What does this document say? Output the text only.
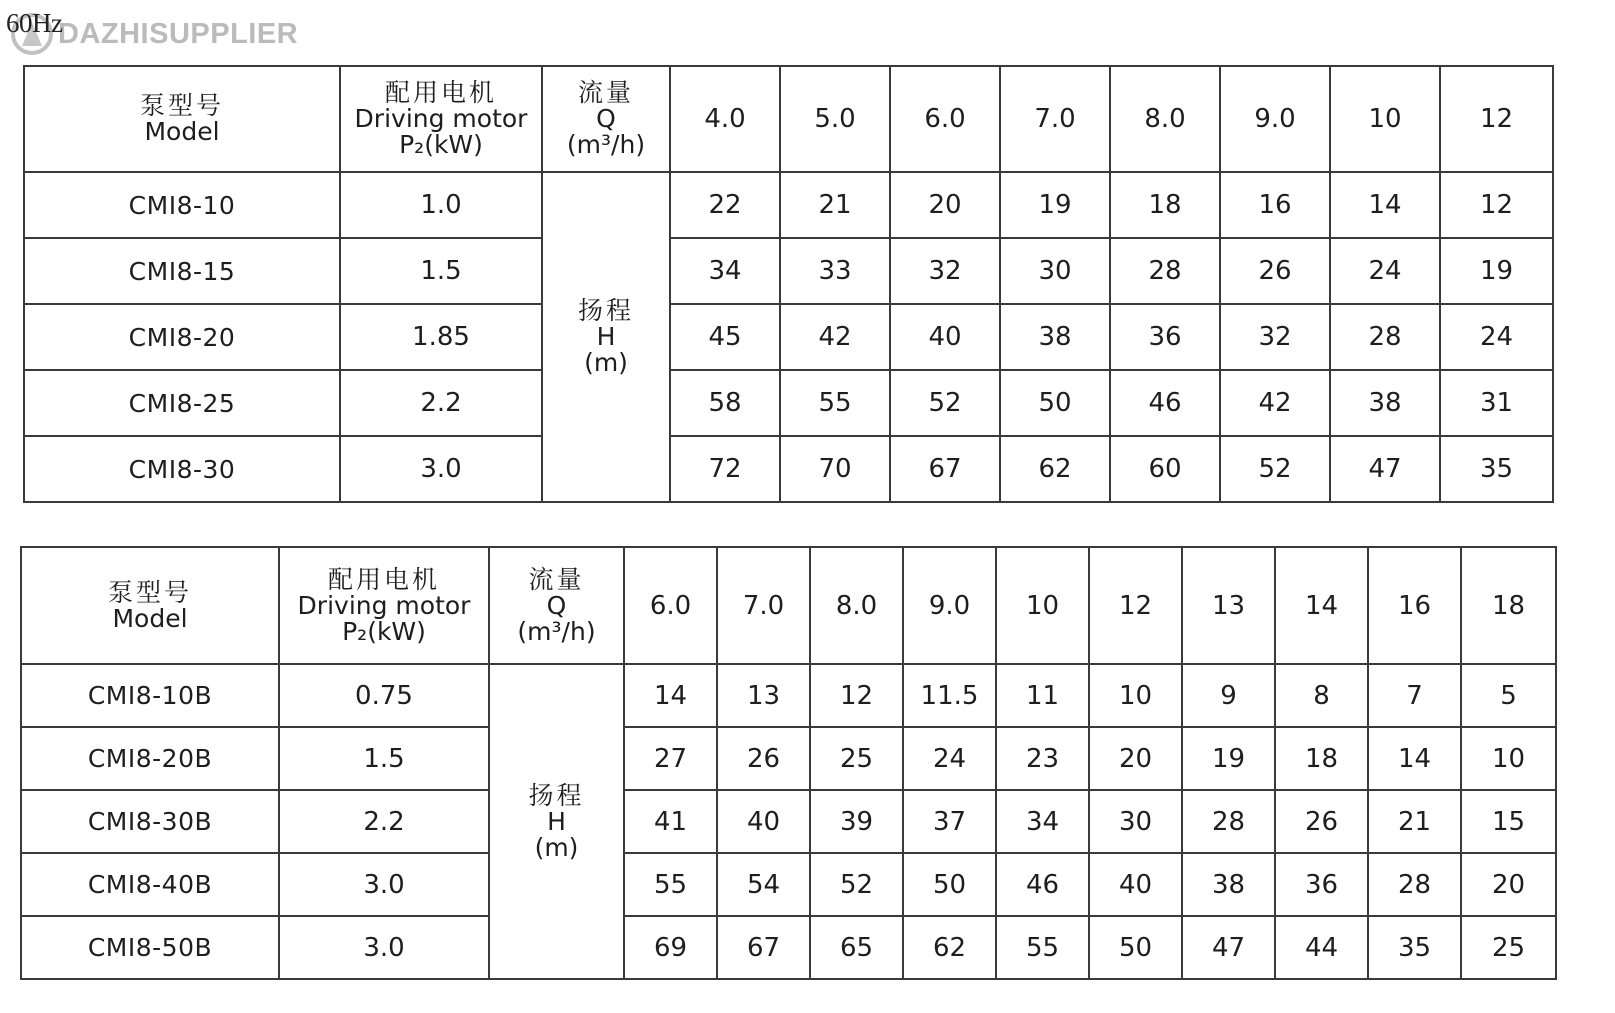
DAZHISUPPLIER
60Hz
泵型号
Model	配用电机
Driving motor
P₂(kW)	流量
Q
(m³/h)	4.0	5.0	6.0	7.0	8.0	9.0	10	12
CMI8-10	1.0	扬程
H
(m)	22	21	20	19	18	16	14	12
CMI8-15	1.5		34	33	32	30	28	26	24	19
CMI8-20	1.85		45	42	40	38	36	32	28	24
CMI8-25	2.2		58	55	52	50	46	42	38	31
CMI8-30	3.0		72	70	67	62	60	52	47	35
泵型号
Model	配用电机
Driving motor
P₂(kW)	流量
Q
(m³/h)	6.0	7.0	8.0	9.0	10	12	13	14	16	18
CMI8-10B	0.75	扬程
H
(m)	14	13	12	11.5	11	10	9	8	7	5
CMI8-20B	1.5		27	26	25	24	23	20	19	18	14	10
CMI8-30B	2.2		41	40	39	37	34	30	28	26	21	15
CMI8-40B	3.0		55	54	52	50	46	40	38	36	28	20
CMI8-50B	3.0		69	67	65	62	55	50	47	44	35	25
